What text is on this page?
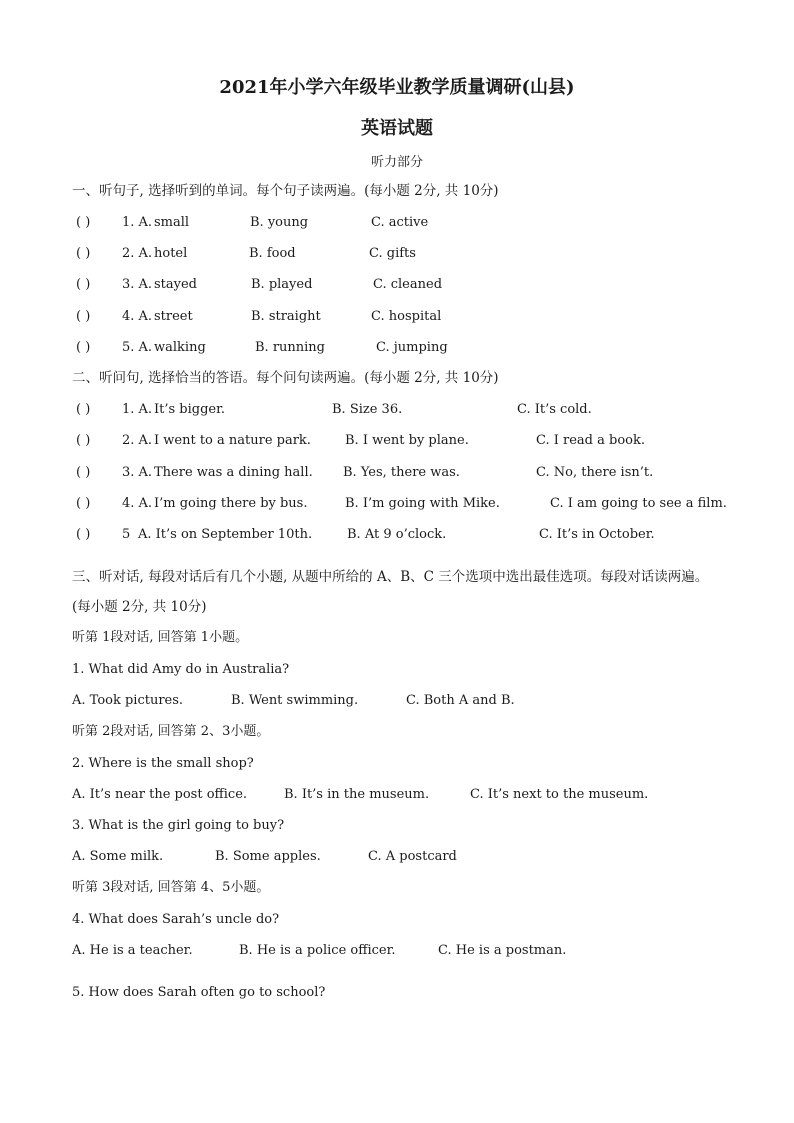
2021年小学六年级毕业教学质量调研(山县)
英语试题
听力部分
一、听句子, 选择听到的单词。每个句子读两遍。(每小题 2分, 共 10分)
( ) 1. A. small	B. young	C. active
( ) 2. A. hotel	B. food	C. gifts
( ) 3. A. stayed	B. played	C. cleaned
( ) 4. A. street	B. straight	C. hospital
( ) 5. A. walking	B. running	C. jumping
二、听问句, 选择恰当的答语。每个问句读两遍。(每小题 2分, 共 10分)
( ) 1. A. It’s bigger.	B. Size 36.	C. It’s cold.
( ) 2. A. I went to a nature park.	B. I went by plane.	C. I read a book.
( ) 3. A. There was a dining hall. B. Yes, there was.	C. No, there isn’t.
( ) 4. A. I’m going there by bus.	B. I’m going with Mike.	C. I am going to see a film.
( ) 5 A. It’s on September 10th.	B. At 9 o’clock.	C. It’s in October.
三、听对话, 每段对话后有几个小题, 从题中所给的 A、B、C 三个选项中选出最佳选项。每段对话读两遍。
(每小题 2分, 共 10分)
听第 1段对话, 回答第 1小题。
1. What did Amy do in Australia?
A. Took pictures.	B. Went swimming.	C. Both A and B.
听第 2段对话, 回答第 2、3小题。
2. Where is the small shop?
A. It’s near the post office.	B. It’s in the museum.	C. It’s next to the museum.
3. What is the girl going to buy?
A. Some milk.	B. Some apples.	C. A postcard
听第 3段对话, 回答第 4、5小题。
4. What does Sarah’s uncle do?
A. He is a teacher.	B. He is a police officer.	C. He is a postman.
5. How does Sarah often go to school?
